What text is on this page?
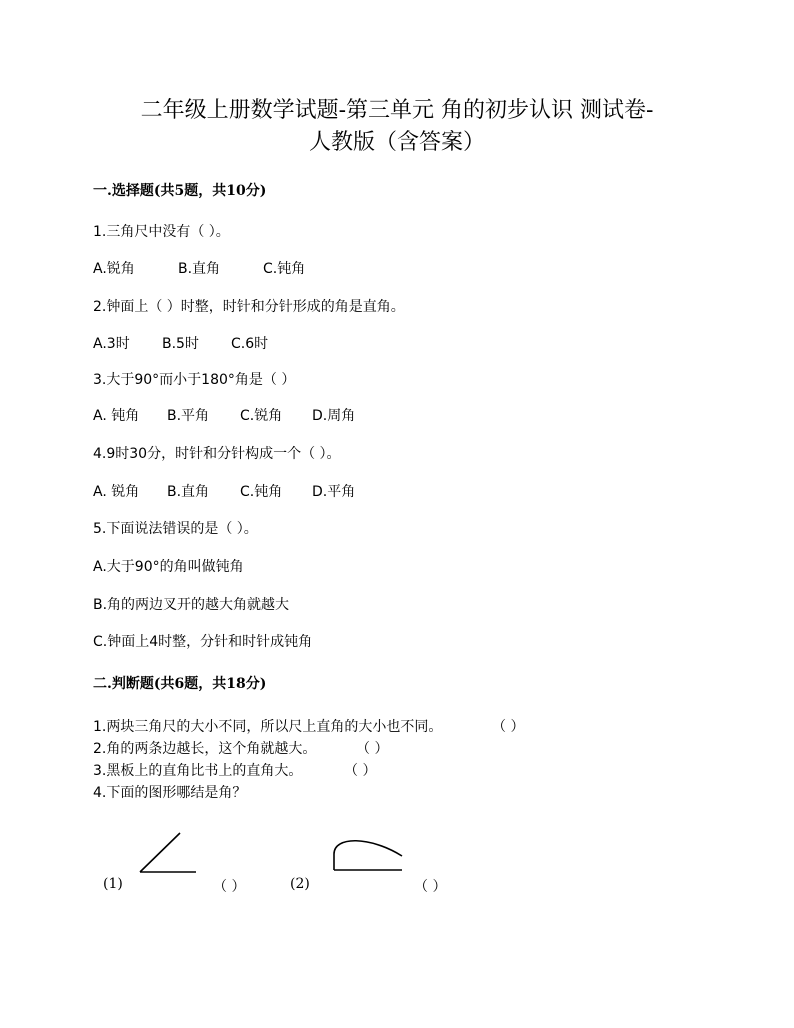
二年级上册数学试题-第三单元 角的初步认识 测试卷-
人教版（含答案）
一.选择题(共5题，共10分)
1.三角尺中没有（ ）。
A.锐角	B.直角	C.钝角
2.钟面上（ ）时整，时针和分针形成的角是直角。
A.3时 B.5时 C.6时
3.大于90°而小于180°角是（ ）
A. 钝角 B.平角 C.锐角 D.周角
4.9时30分，时针和分针构成一个（ ）。
A. 锐角 B.直角 C.钝角 D.平角
5.下面说法错误的是（ ）。
A.大于90°的角叫做钝角
B.角的两边叉开的越大角就越大
C.钟面上4时整，分针和时针成钝角
二.判断题(共6题，共18分)
1.两块三角尺的大小不同，所以尺上直角的大小也不同。	（ ）
2.角的两条边越长，这个角就越大。	（ ）
3.黑板上的直角比书上的直角大。	（ ）
4.下面的图形哪结是角？
(1)	（ ）	(2)	（ ）
